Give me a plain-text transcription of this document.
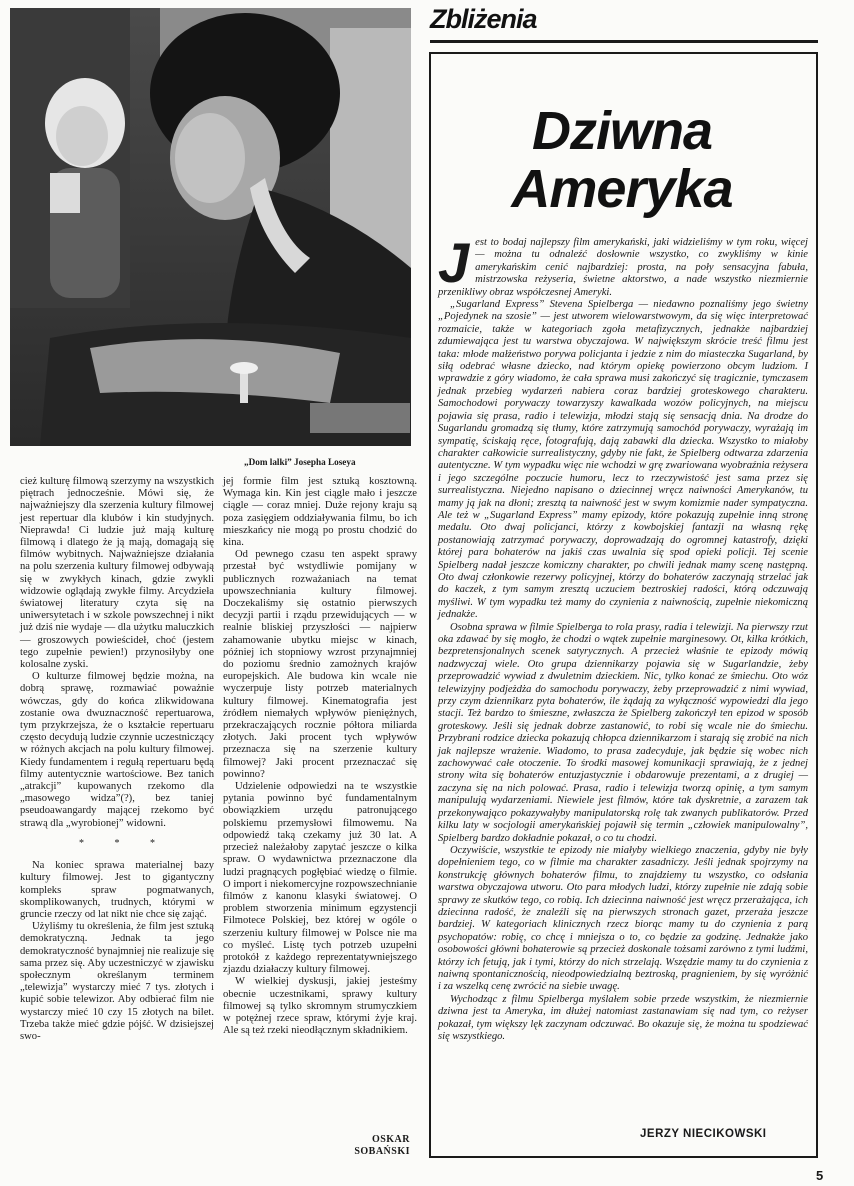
„Dom lalki” Josepha Loseya
Zbliżenia
Dziwna
Ameryka

Jest to bodaj najlepszy film amerykański, jaki widzieliśmy w tym roku, więcej — można tu odnaleźć dosłownie wszystko, co zwykliśmy w kinie amerykańskim cenić najbardziej: prosta, na poły sensacyjna fabuła, mistrzowska reżyseria, świetne aktorstwo, a nade wszystko niezmiernie przenikliwy obraz współczesnej Ameryki.

„Sugarland Express” Stevena Spielberga — niedawno poznaliśmy jego świetny „Pojedynek na szosie” — jest utworem wielowarstwowym, da się więc interpretować rozmaicie, także w kategoriach zgoła metafizycznych, jednakże najbardziej zdumiewająca jest tu warstwa obyczajowa. W największym skrócie treść filmu jest taka: młode małżeństwo porywa policjanta i jedzie z nim do miasteczka Sugarland, by siłą odebrać własne dziecko, nad którym opiekę powierzono obcym ludziom. I wprawdzie z góry wiadomo, że cała sprawa musi zakończyć się tragicznie, tymczasem jednak przebieg wydarzeń nabiera coraz bardziej groteskowego charakteru. Samochodowi porywaczy towarzyszy kawalkada wozów policyjnych, na miejscu pojawia się prasa, radio i telewizja, młodzi stają się sensacją dnia. Na drodze do Sugarlandu gromadzą się tłumy, które zatrzymują samochód porywaczy, wyrażają im sympatię, ściskają ręce, fotografują, dają zabawki dla dziecka. Wszystko to miałoby charakter całkowicie surrealistyczny, gdyby nie fakt, że Spielberg odtwarza zdarzenia autentyczne. W tym wypadku więc nie wchodzi w grę zwariowana wyobraźnia reżysera i jego szczególne poczucie humoru, lecz to rzeczywistość jest sama przez się surrealistyczna. Niejedno napisano o dziecinnej wręcz naiwności Amerykanów, tu mamy ją jak na dłoni; zresztą ta naiwność jest w swym komizmie nader sympatyczna. Ale też w „Sugarland Express” mamy epizody, które pokazują zupełnie inną stronę medalu. Oto dwaj policjanci, którzy z kowbojskiej fantazji na własną rękę postanowiają zatrzymać porywaczy, doprowadzają do ogromnej katastrofy, dzięki której para bohaterów na jakiś czas uwalnia się spod opieki policji. Tej scenie Spielberg nadał jeszcze komiczny charakter, po chwili jednak mamy scenę następną. Oto dwaj członkowie rezerwy policyjnej, którzy do bohaterów zaczynają strzelać jak do kaczek, z tym samym zresztą uczuciem beztroskiej radości, którą odczuwają myśliwi. W tym wypadku też mamy do czynienia z naiwnością, zupełnie niekomiczną jednakże.

Osobna sprawa w filmie Spielberga to rola prasy, radia i telewizji. Na pierwszy rzut oka zdawać by się mogło, że chodzi o wątek zupełnie marginesowy. Ot, kilka krótkich, bezpretensjonalnych scenek satyrycznych. A przecież właśnie te epizody mówią nadzwyczaj wiele. Oto grupa dziennikarzy pojawia się w Sugarlandzie, żeby przeprowadzić wywiad z dwuletnim dzieckiem. Nic, tylko konać ze śmiechu. Oto wóz telewizyjny podjeżdża do samochodu porywaczy, żeby przeprowadzić z nimi wywiad, przy czym dziennikarz pyta bohaterów, ile żądają za wyłączność wypowiedzi dla jego stacji. Też bardzo to śmieszne, zwłaszcza że Spielberg zakończył ten epizod w sposób groteskowy. Jeśli się jednak dobrze zastanowić, to robi się wcale nie do śmiechu. Przybrani rodzice dziecka pokazują chłopca dziennikarzom i starają się zrobić na nich jak najlepsze wrażenie. Wiadomo, to prasa zadecyduje, jak będzie się wobec nich zachowywać całe otoczenie. To środki masowej komunikacji sprawiają, że z jednej strony wita się bohaterów entuzjastycznie i obdarowuje prezentami, a z drugiej — zaczyna się na nich polować. Prasa, radio i telewizja tworzą opinię, a tym samym manipulują wydarzeniami. Niewiele jest filmów, które tak dyskretnie, a zarazem tak przekonywająco pokazywałyby manipulatorską rolę tak zwanych publikatorów. Przed kilku laty w socjologii amerykańskiej pojawił się termin „człowiek manipulowalny”, Spielberg bardzo dokładnie pokazał, o co tu chodzi.

Oczywiście, wszystkie te epizody nie miałyby wielkiego znaczenia, gdyby nie były dopełnieniem tego, co w filmie ma charakter zasadniczy. Jeśli jednak spojrzymy na konstrukcję głównych bohaterów filmu, to znajdziemy tu wszystko, co odsłania warstwa obyczajowa utworu. Oto para młodych ludzi, którzy zupełnie nie zdają sobie sprawy ze skutków tego, co robią. Ich dziecinna naiwność jest wręcz przerażająca, ich dziecinna radość, że znaleźli się na pierwszych stronach gazet, przeraża jeszcze bardziej. W kategoriach klinicznych rzecz biorąc mamy tu do czynienia z parą psychopatów: robię, co chcę i mniejsza o to, co będzie za godzinę. Jednakże jako osobowości główni bohaterowie są przecież doskonale tożsami zarówno z tymi ludźmi, którzy ich fetują, jak i tymi, którzy do nich strzelają. Wszędzie mamy tu do czynienia z naiwną spontanicznością, nieodpowiedzialną beztroską, pragnieniem, by się wyróżnić i za wszelką cenę zwrócić na siebie uwagę.

Wychodząc z filmu Spielberga myślałem sobie przede wszystkim, że niezmiernie dziwna jest ta Ameryka, im dłużej natomiast zastanawiam się nad tym, co reżyser pokazał, tym większy lęk zaczynam odczuwać. Bo okazuje się, że można tu spodziewać się wszystkiego.

JERZY NIECIKOWSKI

cież kulturę filmową szerzymy na wszystkich piętrach jednocześnie. Mówi się, że najważniejszy dla szerzenia kultury filmowej jest repertuar dla klubów i kin studyjnych. Nieprawda! Ci ludzie już mają kulturę filmową i dlatego że ją mają, domagają się filmów wybitnych. Najważniejsze działania na polu szerzenia kultury filmowej odbywają się w zwykłych kinach, gdzie zwykli widzowie oglądają zwykłe filmy. Arcydzieła światowej literatury czyta się na uniwersytetach i w szkole powszechnej i nikt już dziś nie wydaje — dla użytku maluczkich — groszowych powieścideł, choć (jestem tego zupełnie pewien!) przynosiłyby one kolosalne zyski.

O kulturze filmowej będzie można, na dobrą sprawę, rozmawiać poważnie wówczas, gdy do końca zlikwidowana zostanie owa dwuznaczność repertuarowa, tym przykrzejsza, że o kształcie repertuaru często decydują ludzie czynnie uczestniczący w różnych akcjach na polu kultury filmowej. Kiedy fundamentem i regułą repertuaru będą filmy autentycznie wartościowe. Bez tanich „atrakcji” kupowanych rzekomo dla „masowego widza”(?), bez taniej pseudoawangardy mającej rzekomo być strawą dla „wyrobionej” widowni.

* * *

Na koniec sprawa materialnej bazy kultury filmowej. Jest to gigantyczny kompleks spraw pogmatwanych, skomplikowanych, trudnych, którymi w gruncie rzeczy od lat nikt nie chce się zająć.

Użyliśmy tu określenia, że film jest sztuką demokratyczną. Jednak ta jego demokratyczność bynajmniej nie realizuje się sama przez się. Aby uczestniczyć w zjawisku społecznym określanym terminem „telewizja” wystarczy mieć 7 tys. złotych i kupić sobie telewizor. Aby odbierać film nie wystarczy mieć 10 czy 15 złotych na bilet. Trzeba także mieć gdzie pójść. W dzisiejszej swo-

jej formie film jest sztuką kosztowną. Wymaga kin. Kin jest ciągle mało i jeszcze ciągle — coraz mniej. Duże rejony kraju są poza zasięgiem oddziaływania filmu, bo ich mieszkańcy nie mogą po prostu chodzić do kina.

Od pewnego czasu ten aspekt sprawy przestał być wstydliwie pomijany w publicznych rozważaniach na temat upowszechniania kultury filmowej. Doczekaliśmy się ostatnio pierwszych decyzji partii i rządu przewidujących — w realnie bliskiej przyszłości — najpierw zahamowanie ubytku miejsc w kinach, później ich stopniowy wzrost przynajmniej do poziomu średnio zamożnych krajów europejskich. Ale budowa kin wcale nie wyczerpuje listy potrzeb materialnych kultury filmowej. Kinematografia jest źródłem niemałych wpływów pieniężnych, przekraczających rocznie półtora miliarda złotych. Jaki procent tych wpływów przeznacza się na szerzenie kultury filmowej? Jaki procent przeznaczać się powinno?

Udzielenie odpowiedzi na te wszystkie pytania powinno być fundamentalnym obowiązkiem urzędu patronującego polskiemu przemysłowi filmowemu. Na odpowiedź taką czekamy już 30 lat. A przecież należałoby zapytać jeszcze o kilka spraw. O wydawnictwa przeznaczone dla ludzi pragnących pogłębiać wiedzę o filmie. O import i niekomercyjne rozpowszechnianie filmów z kanonu klasyki światowej. O problem stworzenia minimum egzystencji Filmotece Polskiej, bez której w ogóle o szerzeniu kultury filmowej w Polsce nie ma co myśleć. Listę tych potrzeb uzupełni protokół z każdego reprezentatywniejszego zjazdu działaczy kultury filmowej.

W wielkiej dyskusji, jakiej jesteśmy obecnie uczestnikami, sprawy kultury filmowej są tylko skromnym strumyczkiem w potężnej rzece spraw, którymi żyje kraj. Ale są też rzeki nieodłącznym składnikiem.

OSKAR
SOBAŃSKI
5
